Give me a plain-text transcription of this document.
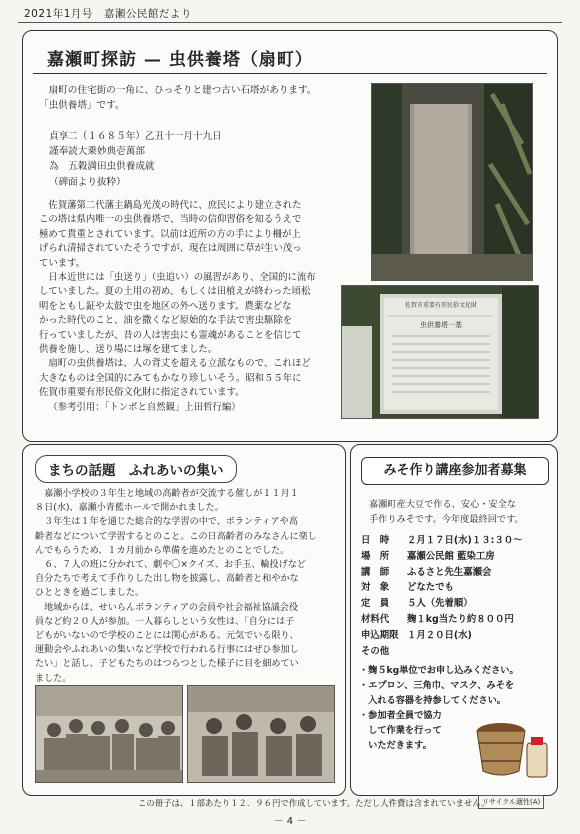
2021年1月号　嘉瀬公民館だより
嘉瀬町探訪 — 虫供養塔（扇町）

扇町の住宅街の一角に、ひっそりと建つ古い石塔があります。

「虫供養塔」です。

貞享二（１６８５年）乙丑十一月十九日

謹奉読大乗妙典壱萬部

為　五穀満田虫供養成就

（碑面より抜粋）

佐賀藩第二代藩主鍋島光茂の時代に、庶民により建立された

この塔は県内唯一の虫供養塔で、当時の信仰習俗を知るうえで

極めて貴重とされています。以前は近所の方の手により柵が上

げられ清掃されていたそうですが、現在は周囲に草が生い茂っ

ています。

日本近世には「虫送り」（虫追い）の風習があり、全国的に流布

していました。夏の土用の初め、もしくは田植えが終わった頃松

明をともし鉦や太鼓で虫を地区の外へ送ります。農薬などな

かった時代のこと、油を撒くなど原始的な手法で害虫駆除を

行っていましたが、昔の人は害虫にも霊魂があることを信じて

供養を施し、送り場には塚を建てました。

扇町の虫供養塔は、人の背丈を超える立派なもので、これほど

大きなものは全国的にみてもかなり珍しいそう。昭和５５年に

佐賀市重要有形民俗文化財に指定されています。

（参考引用：「トンボと自然観」上田哲行編）

佐賀市重要有形民俗文化財
虫供養塔一基
まちの話題　ふれあいの集い

嘉瀬小学校の３年生と地域の高齢者が交流する催しが１１月１

８日(水)、嘉瀬小青藍ホールで開かれました。

３年生は１年を通じた総合的な学習の中で、ボランティアや高

齢者などについて学習するとのこと。この日高齢者のみなさんに楽し

んでもらうため、１カ月前から準備を進めたとのことでした。

６、７人の班に分かれて、劇や〇×クイズ、お手玉、輪投げなど

自分たちで考えて手作りした出し物を披露し、高齢者と和やかな

ひとときを過ごしました。

地域からは、せいらんボランティアの会員や社会福祉協議会役

員など約２０人が参加。一人暮らしという女性は、「自分には子

どもがいないので学校のことには関心がある。元気でいる限り、

運動会やふれあいの集いなど学校で行われる行事にはぜひ参加し

たい」と話し、子どもたちのはつらつとした様子に目を細めてい

ました。

みそ作り講座参加者募集

嘉瀬町産大豆で作る、安心・安全な

手作りみそです。今年度最終回です。

日　時	２月１７日(水)１３:３０～
場　所	嘉瀬公民館 藍染工房
講　師	ふるさと先生嘉瀬会
対　象	どなたでも
定　員	５人（先着順）
材料代	麹１kg当たり約８００円
申込期限 １月２０日(水)
その他

・麹５kg単位でお申し込みください。

・エプロン、三角巾、マスク、みそを

　入れる容器を持参してください。

・参加者全員で協力

　して作業を行って

　いただきます。

この冊子は、１部あたり１２．９６円で作成しています。ただし人件費は含まれていません。
リサイクル適性(A)
－ 4 －
